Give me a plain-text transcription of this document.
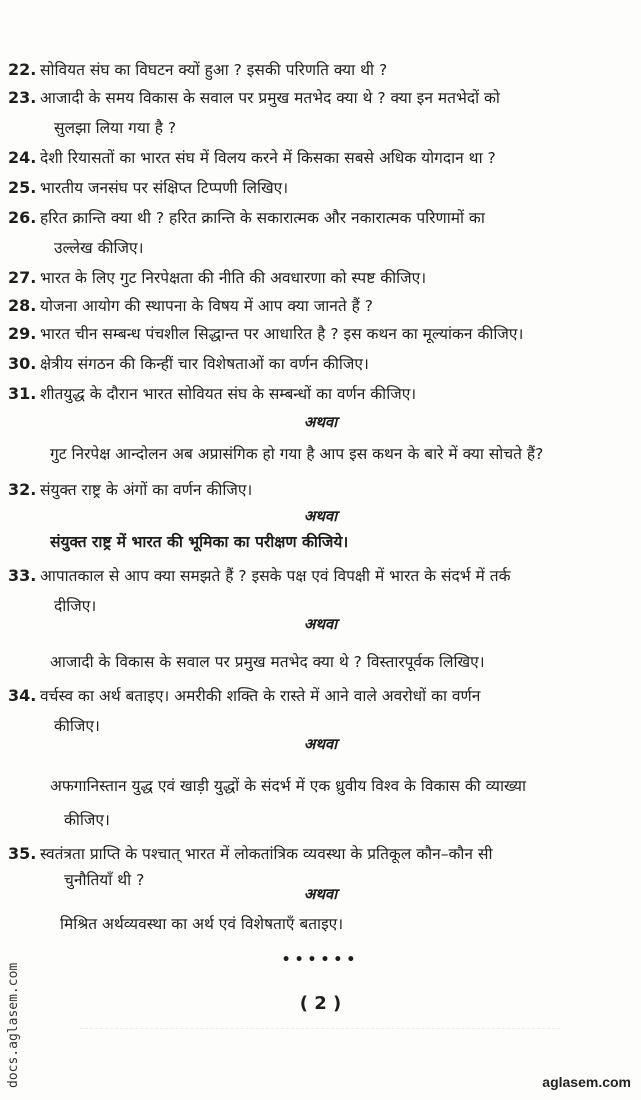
22. सोवियत संघ का विघटन क्यों हुआ ? इसकी परिणति क्या थी ?
23. आजादी के समय विकास के सवाल पर प्रमुख मतभेद क्या थे ? क्या इन मतभेदों को
सुलझा लिया गया है ?
24. देशी रियासतों का भारत संघ में विलय करने में किसका सबसे अधिक योगदान था ?
25. भारतीय जनसंघ पर संक्षिप्त टिप्पणी लिखिए।
26. हरित क्रान्ति क्या थी ? हरित क्रान्ति के सकारात्मक और नकारात्मक परिणामों का
उल्लेख कीजिए।
27. भारत के लिए गुट निरपेक्षता की नीति की अवधारणा को स्पष्ट कीजिए।
28. योजना आयोग की स्थापना के विषय में आप क्या जानते हैं ?
29. भारत चीन सम्बन्ध पंचशील सिद्धान्त पर आधारित है ? इस कथन का मूल्यांकन कीजिए।
30. क्षेत्रीय संगठन की किन्हीं चार विशेषताओं का वर्णन कीजिए।
31. शीतयुद्ध के दौरान भारत सोवियत संघ के सम्बन्धों का वर्णन कीजिए।
अथवा
गुट निरपेक्ष आन्दोलन अब अप्रासंगिक हो गया है आप इस कथन के बारे में क्या सोचते हैं?
32. संयुक्त राष्ट्र के अंगों का वर्णन कीजिए।
अथवा
संयुक्त राष्ट्र में भारत की भूमिका का परीक्षण कीजिये।
33. आपातकाल से आप क्या समझते हैं ? इसके पक्ष एवं विपक्षी में भारत के संदर्भ में तर्क
दीजिए।
अथवा
आजादी के विकास के सवाल पर प्रमुख मतभेद क्या थे ? विस्तारपूर्वक लिखिए।
34. वर्चस्व का अर्थ बताइए। अमरीकी शक्ति के रास्ते में आने वाले अवरोधों का वर्णन
कीजिए।
अथवा
अफगानिस्तान युद्ध एवं खाड़ी युद्धों के संदर्भ में एक ध्रुवीय विश्व के विकास की व्याख्या
कीजिए।
35. स्वतंत्रता प्राप्ति के पश्चात् भारत में लोकतांत्रिक व्यवस्था के प्रतिकूल कौन–कौन सी
चुनौतियाँ थी ?
अथवा
मिश्रित अर्थव्यवस्था का अर्थ एवं विशेषताएँ बताइए।
••••••
( 2 )
docs.aglasem.com	aglasem.com
